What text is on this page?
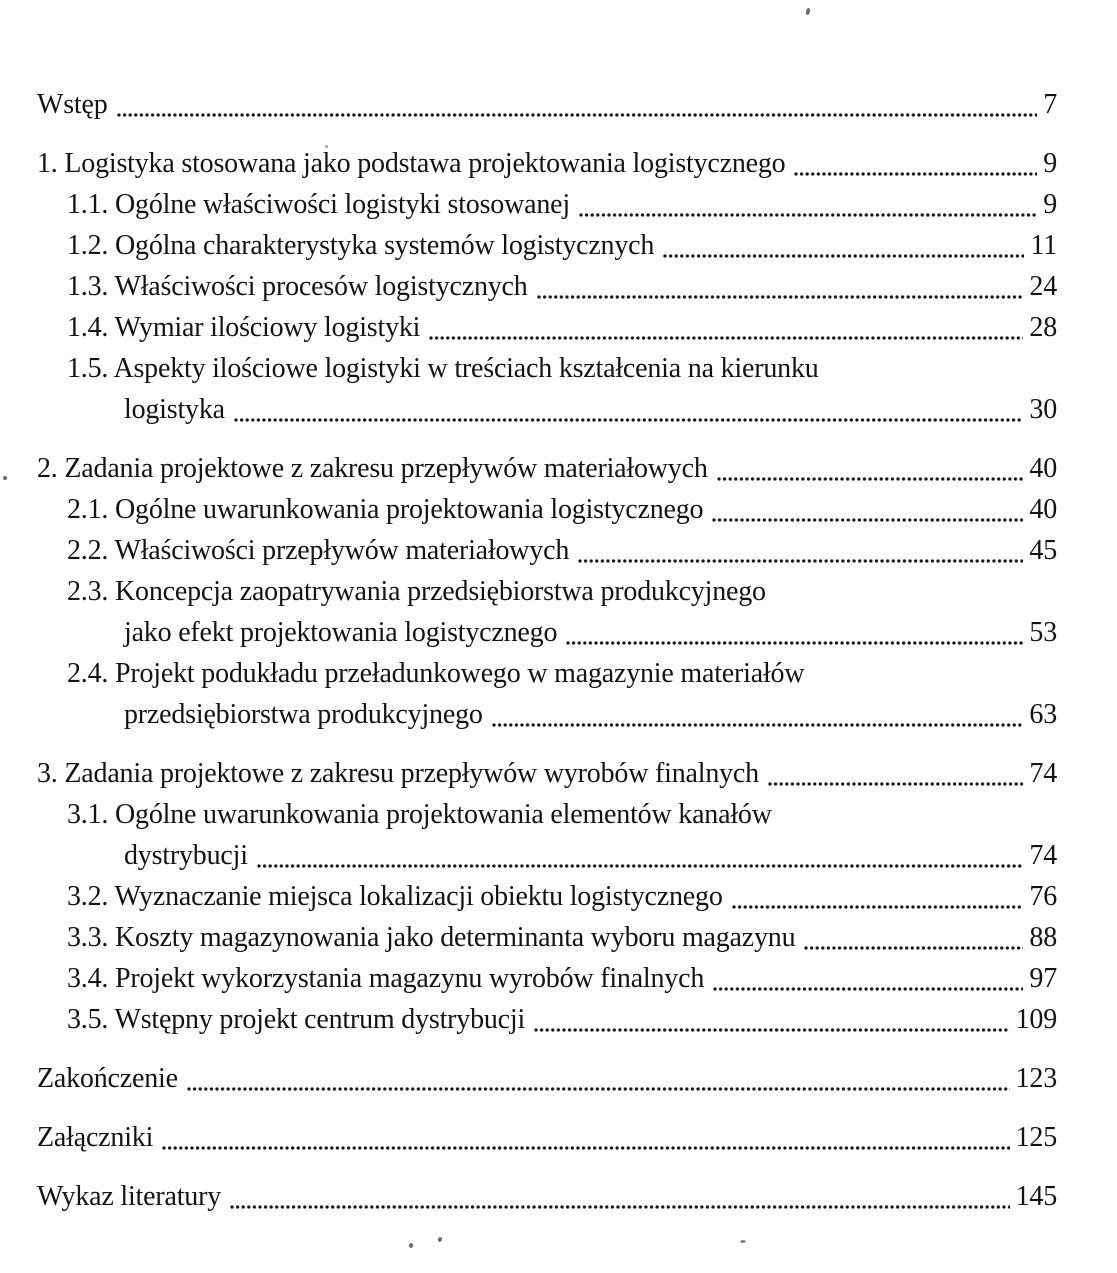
Wstęp	7
1. Logistyka stosowana jako podstawa projektowania logistycznego	9
1.1. Ogólne właściwości logistyki stosowanej	9
1.2. Ogólna charakterystyka systemów logistycznych	11
1.3. Właściwości procesów logistycznych	24
1.4. Wymiar ilościowy logistyki	28
1.5. Aspekty ilościowe logistyki w treściach kształcenia na kierunku
logistyka	30
2. Zadania projektowe z zakresu przepływów materiałowych	40
2.1. Ogólne uwarunkowania projektowania logistycznego	40
2.2. Właściwości przepływów materiałowych	45
2.3. Koncepcja zaopatrywania przedsiębiorstwa produkcyjnego
jako efekt projektowania logistycznego	53
2.4. Projekt podukładu przeładunkowego w magazynie materiałów
przedsiębiorstwa produkcyjnego	63
3. Zadania projektowe z zakresu przepływów wyrobów finalnych	74
3.1. Ogólne uwarunkowania projektowania elementów kanałów
dystrybucji	74
3.2. Wyznaczanie miejsca lokalizacji obiektu logistycznego	76
3.3. Koszty magazynowania jako determinanta wyboru magazynu	88
3.4. Projekt wykorzystania magazynu wyrobów finalnych	97
3.5. Wstępny projekt centrum dystrybucji	109
Zakończenie	123
Załączniki	125
Wykaz literatury	145
